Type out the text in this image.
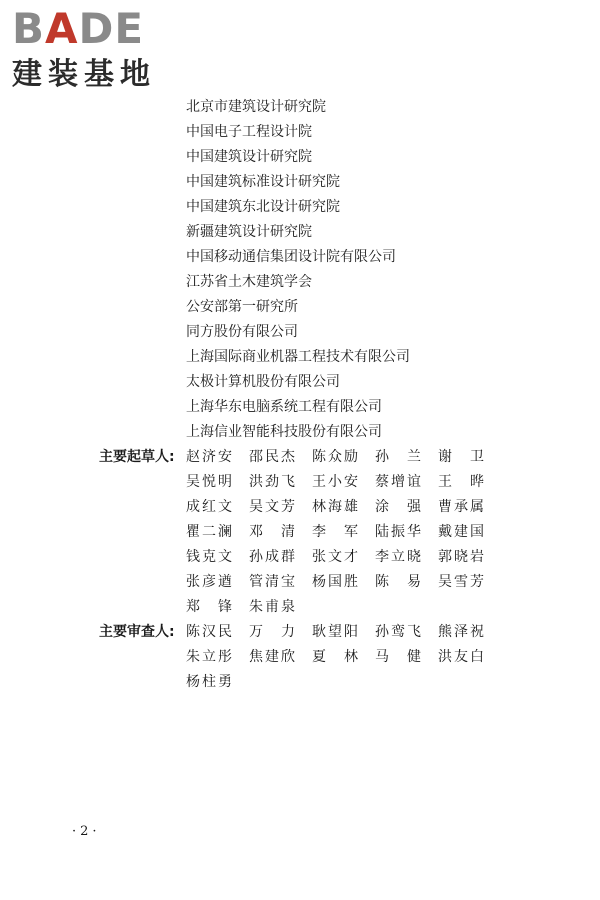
BADE
建装基地
北京市建筑设计研究院
中国电子工程设计院
中国建筑设计研究院
中国建筑标准设计研究院
中国建筑东北设计研究院
新疆建筑设计研究院
中国移动通信集团设计院有限公司
江苏省土木建筑学会
公安部第一研究所
同方股份有限公司
上海国际商业机器工程技术有限公司
太极计算机股份有限公司
上海华东电脑系统工程有限公司
上海信业智能科技股份有限公司
主要起草人: 赵济安	邵民杰	陈众励	孙兰	谢卫
吴悦明	洪劲飞	王小安	蔡增谊	王晔
成红文	吴文芳	林海雄	涂强	曹承属
瞿二澜	邓清	李军	陆振华	戴建国
钱克文	孙成群	张文才	李立晓	郭晓岩
张彦遒	管清宝	杨国胜	陈易	吴雪芳
郑锋	朱甫泉
主要审查人: 陈汉民	万力	耿望阳	孙鸾飞	熊泽祝
朱立彤	焦建欣	夏林	马健	洪友白
杨柱勇
·2·
